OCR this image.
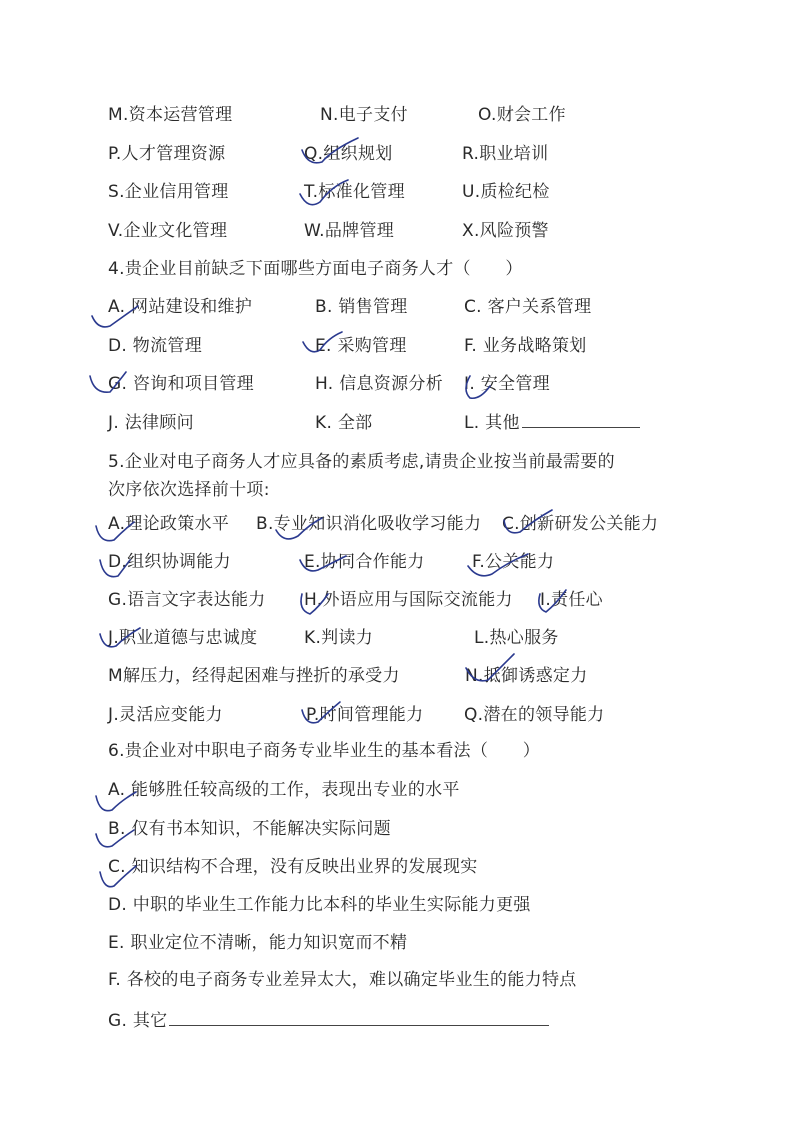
M.资本运营管理	N.电子支付	O.财会工作
P.人才管理资源	Q.组织规划	R.职业培训
S.企业信用管理	T.标准化管理	U.质检纪检
V.企业文化管理	W.品牌管理	X.风险预警
4.贵企业目前缺乏下面哪些方面电子商务人才（　　）
A. 网站建设和维护	B. 销售管理	C. 客户关系管理
D. 物流管理	E. 采购管理	F. 业务战略策划
G. 咨询和项目管理	H. 信息资源分析 I. 安全管理
J. 法律顾问	K. 全部	L. 其他
5.企业对电子商务人才应具备的素质考虑,请贵企业按当前最需要的
次序依次选择前十项:
A.理论政策水平 B.专业知识消化吸收学习能力 C.创新研发公关能力
D.组织协调能力	E.协同合作能力	F.公关能力
G.语言文字表达能力 H.外语应用与国际交流能力 I.责任心
J.职业道德与忠诚度	K.判读力	L.热心服务
M解压力，经得起困难与挫折的承受力	N.抵御诱惑定力
J.灵活应变能力	P.时间管理能力 Q.潜在的领导能力
6.贵企业对中职电子商务专业毕业生的基本看法（　　）
A. 能够胜任较高级的工作，表现出专业的水平
B. 仅有书本知识，不能解决实际问题
C. 知识结构不合理，没有反映出业界的发展现实
D. 中职的毕业生工作能力比本科的毕业生实际能力更强
E. 职业定位不清晰，能力知识宽而不精
F. 各校的电子商务专业差异太大，难以确定毕业生的能力特点
G. 其它
